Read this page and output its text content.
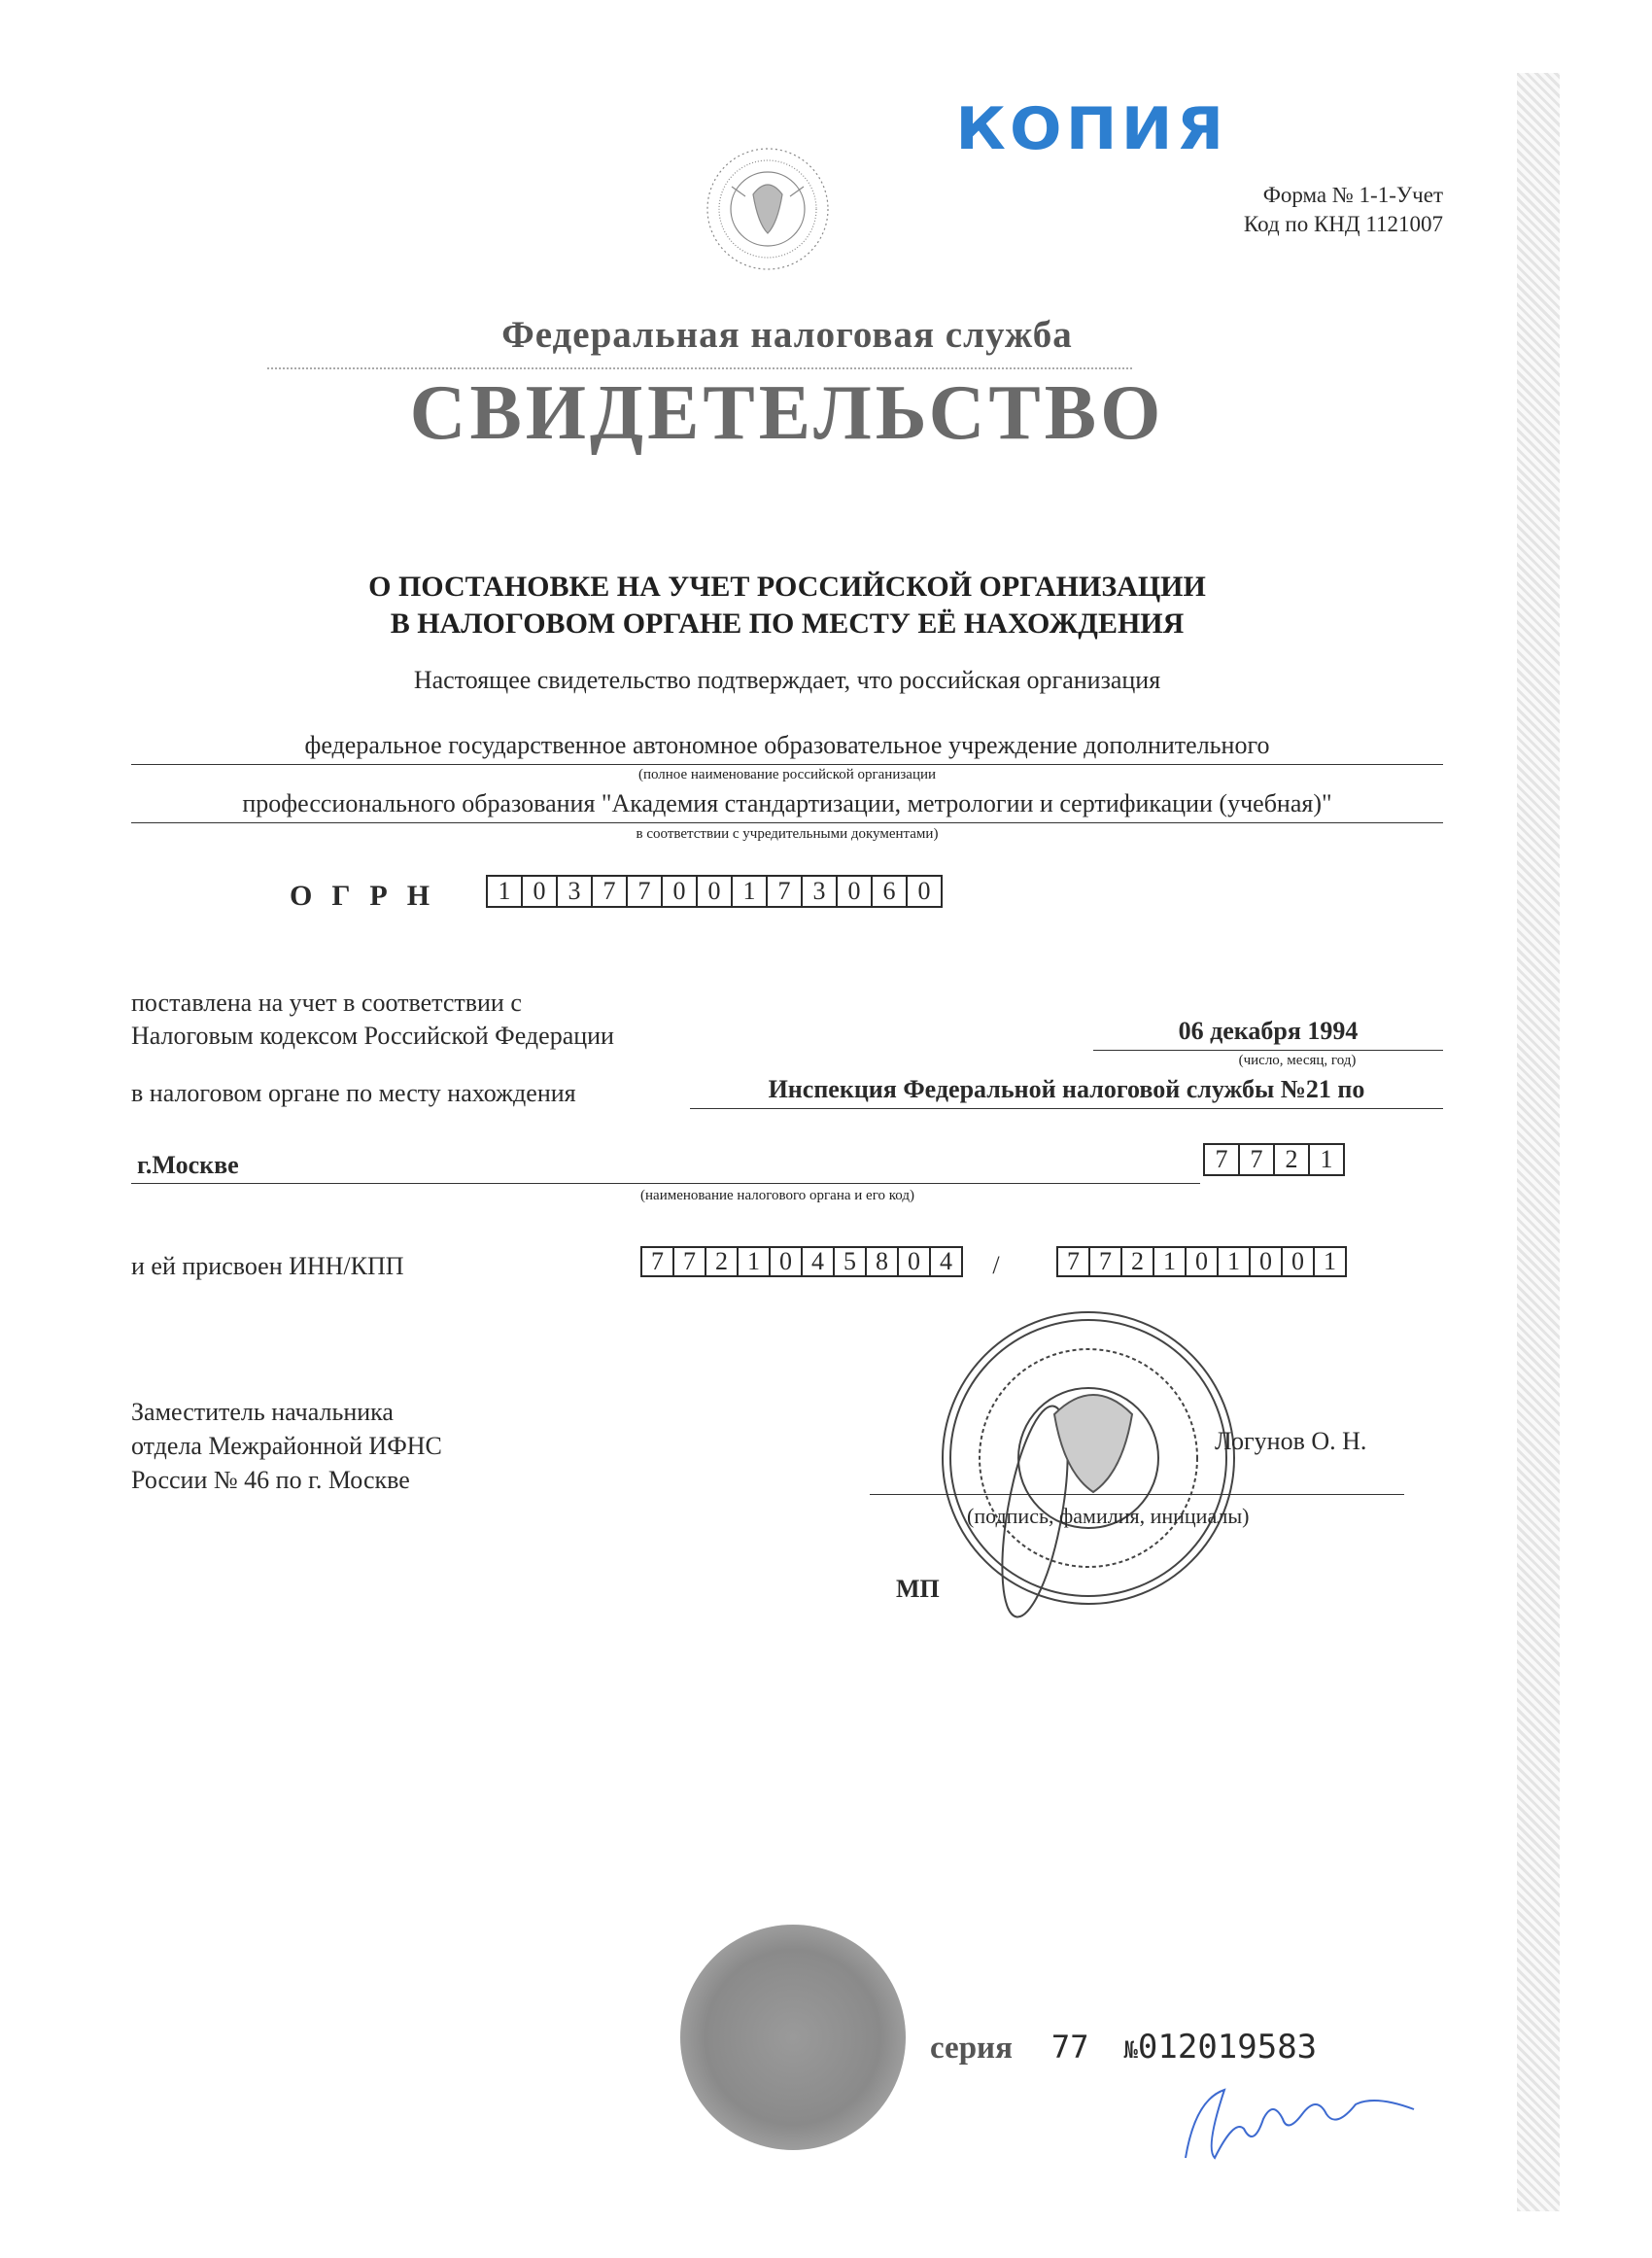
КОПИЯ
Форма № 1-1-Учет
Код по КНД 1121007
Федеральная налоговая служба
СВИДЕТЕЛЬСТВО
О ПОСТАНОВКЕ НА УЧЕТ РОССИЙСКОЙ ОРГАНИЗАЦИИ
В НАЛОГОВОМ ОРГАНЕ ПО МЕСТУ ЕЁ НАХОЖДЕНИЯ
Настоящее свидетельство подтверждает, что российская организация
федеральное государственное автономное образовательное учреждение дополнительного
(полное наименование российской организации
профессионального образования "Академия стандартизации, метрологии и сертификации (учебная)"
в соответствии с учредительными документами)
ОГРН	1 0 3 7 7 0 0 1 7 3 0 6 0
поставлена на учет в соответствии с
Налоговым кодексом Российской Федерации	06 декабря 1994
(число, месяц, год)
в налоговом органе по месту нахождения	Инспекция Федеральной налоговой службы №21 по
г.Москве	7 7 2 1
(наименование налогового органа и его код)
и ей присвоен ИНН/КПП	7 7 2 1 0 4 5 8 0 4	/	7 7 2 1 0 1 0 0 1
Заместитель начальника
отдела Межрайонной ИФНС
России № 46 по г. Москве
Логунов О. Н.
(подпись, фамилия, инициалы)
МП
серия 77 № 012019583
